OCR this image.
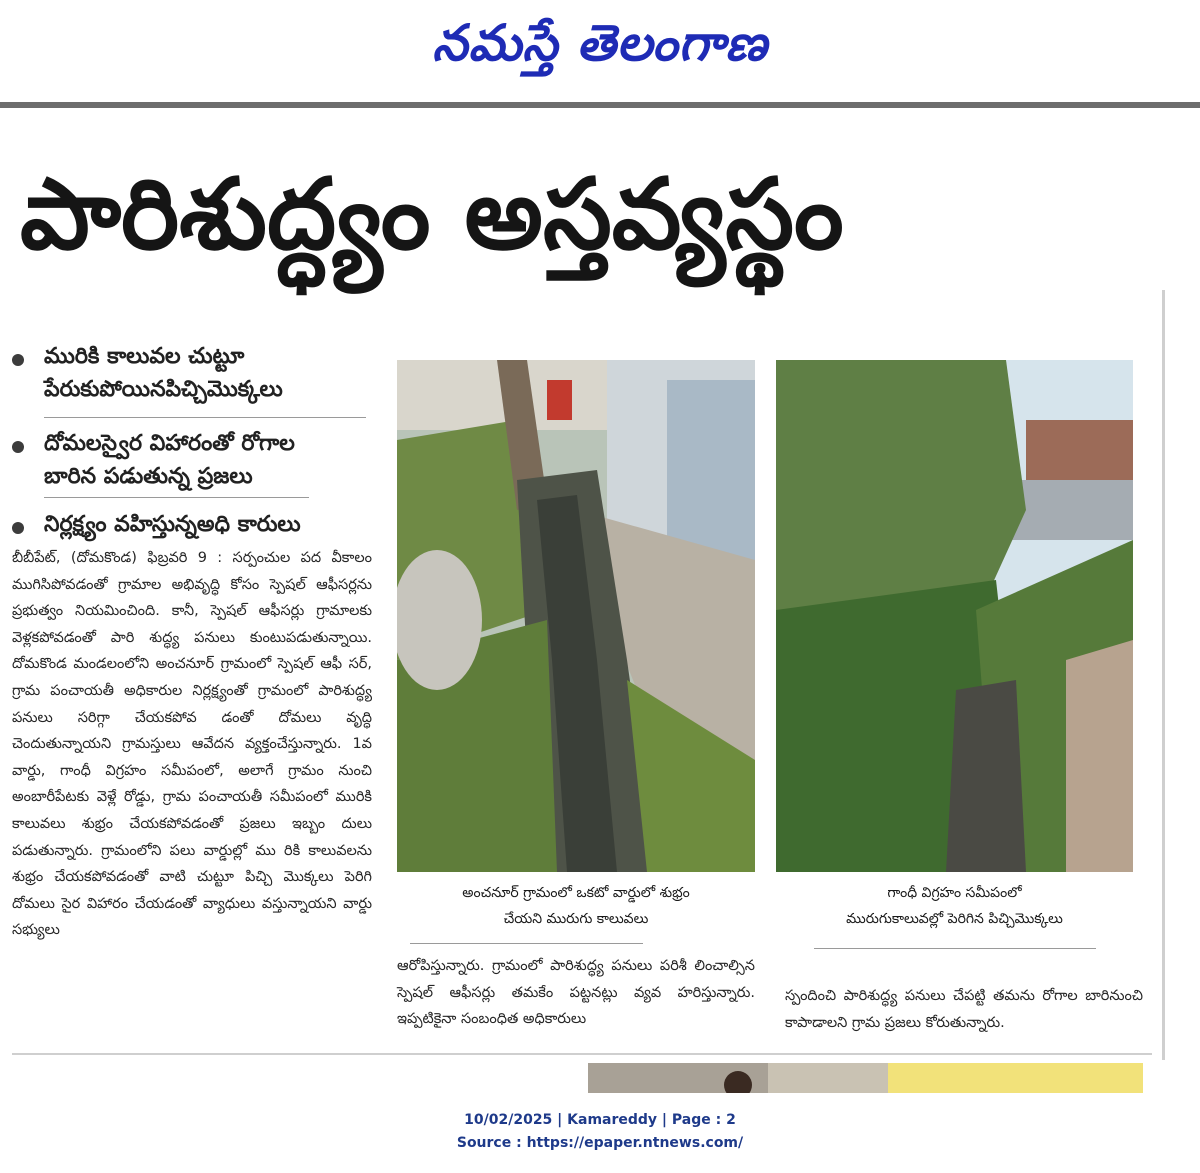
నమస్తే తెలంగాణ
పారిశుద్ధ్యం అస్తవ్యస్థం
మురికి కాలువల చుట్టూ
పేరుకుపోయినపిచ్చిమొక్కలు
దోమలస్వైర విహారంతో రోగాల
బారిన పడుతున్న ప్రజలు
నిర్లక్ష్యం వహిస్తున్నఅధి కారులు
బీబీపేట్, (దోమకొండ) ఫిబ్రవరి 9 : సర్పంచుల పద వీకాలం ముగిసిపోవడంతో గ్రామాల అభివృద్ధి కోసం స్పెషల్ ఆఫీసర్లను ప్రభుత్వం నియమించింది. కానీ, స్పెషల్ ఆఫీసర్లు గ్రామాలకు వెళ్లకపోవడంతో పారి శుద్ధ్య పనులు కుంటుపడుతున్నాయి. దోమకొండ మండలంలోని అంచనూర్ గ్రామంలో స్పెషల్ ఆఫీ సర్, గ్రామ పంచాయతీ అధికారుల నిర్లక్ష్యంతో గ్రామంలో పారిశుద్ధ్య పనులు సరిగ్గా చేయకపోవ డంతో దోమలు వృద్ధి చెందుతున్నాయని గ్రామస్తులు ఆవేదన వ్యక్తంచేస్తున్నారు. 1వ వార్డు, గాంధీ విగ్రహం సమీపంలో, అలాగే గ్రామం నుంచి అంబారీపేటకు వెళ్లే రోడ్డు, గ్రామ పంచాయతీ సమీపంలో మురికి కాలువలు శుభ్రం చేయకపోవడంతో ప్రజలు ఇబ్బం దులు పడుతున్నారు. గ్రామంలోని పలు వార్డుల్లో ము రికి కాలువలను శుభ్రం చేయకపోవడంతో వాటి చుట్టూ పిచ్చి మొక్కలు పెరిగి దోమలు సైర విహారం చేయడంతో వ్యాధులు వస్తున్నాయని వార్డు సభ్యులు
అంచనూర్ గ్రామంలో ఒకటో వార్డులో శుభ్రం
చేయని మురుగు కాలువలు
గాంధీ విగ్రహం సమీపంలో
మురుగుకాలువల్లో పెరిగిన పిచ్చిమొక్కలు
ఆరోపిస్తున్నారు. గ్రామంలో పారిశుద్ధ్య పనులు పరిశీ లించాల్సిన స్పెషల్ ఆఫీసర్లు తమకేం పట్టనట్లు వ్యవ హరిస్తున్నారు. ఇప్పటికైనా సంబంధిత అధికారులు
స్పందించి పారిశుద్ధ్య పనులు చేపట్టి తమను రోగాల బారినుంచి కాపాడాలని గ్రామ ప్రజలు కోరుతున్నారు.
10/02/2025 | Kamareddy | Page : 2
Source : https://epaper.ntnews.com/
